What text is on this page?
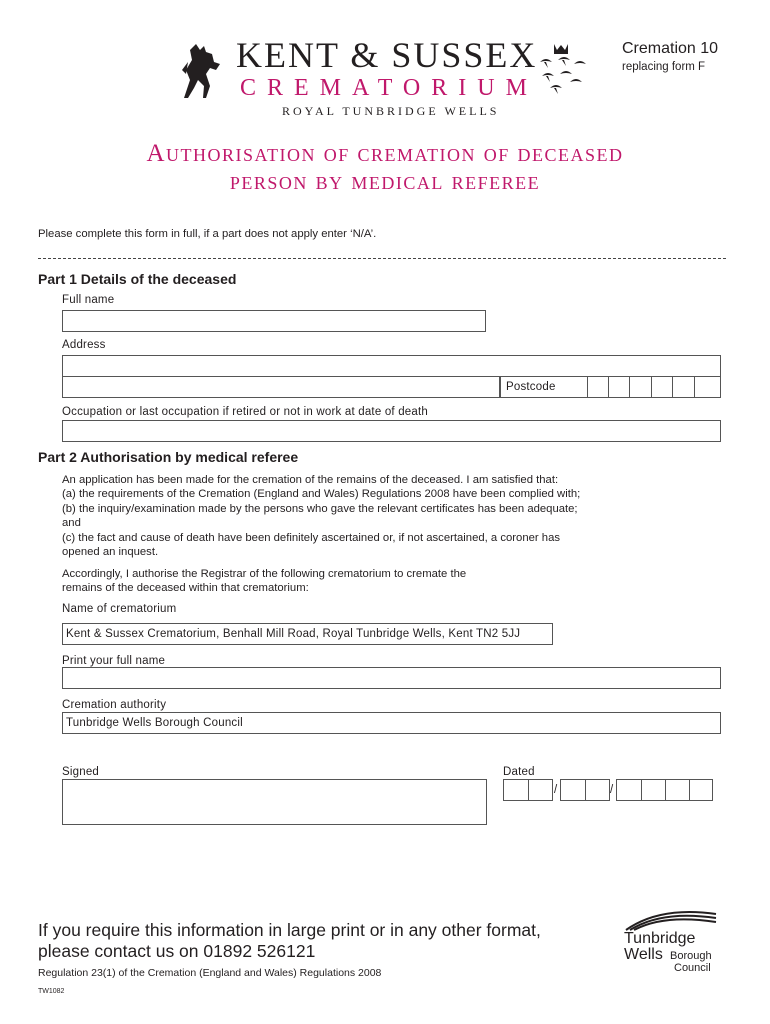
KENT & SUSSEX
CREMATORIUM
ROYAL TUNBRIDGE WELLS
Cremation 10
replacing form F
Authorisation of cremation of deceased
person by medical referee
Please complete this form in full, if a part does not apply enter ‘N/A’.
Part 1 Details of the deceased
Full name
Address
Postcode
Occupation or last occupation if retired or not in work at date of death
Part 2 Authorisation by medical referee
An application has been made for the cremation of the remains of the deceased. I am satisfied that:
(a) the requirements of the Cremation (England and Wales) Regulations 2008 have been complied with;
(b) the inquiry/examination made by the persons who gave the relevant certificates has been adequate;
and
(c) the fact and cause of death have been definitely ascertained or, if not ascertained, a coroner has
opened an inquest.
Accordingly, I authorise the Registrar of the following crematorium to cremate the
remains of the deceased within that crematorium:
Name of crematorium
Kent & Sussex Crematorium, Benhall Mill Road, Royal Tunbridge Wells, Kent TN2 5JJ
Print your full name
Cremation authority
Tunbridge Wells Borough Council
Signed	Dated
/	/
If you require this information in large print or in any other format,
please contact us on 01892 526121
Regulation 23(1) of the Cremation (England and Wales) Regulations 2008
TW1082
Tunbridge
Wells Borough
Council
